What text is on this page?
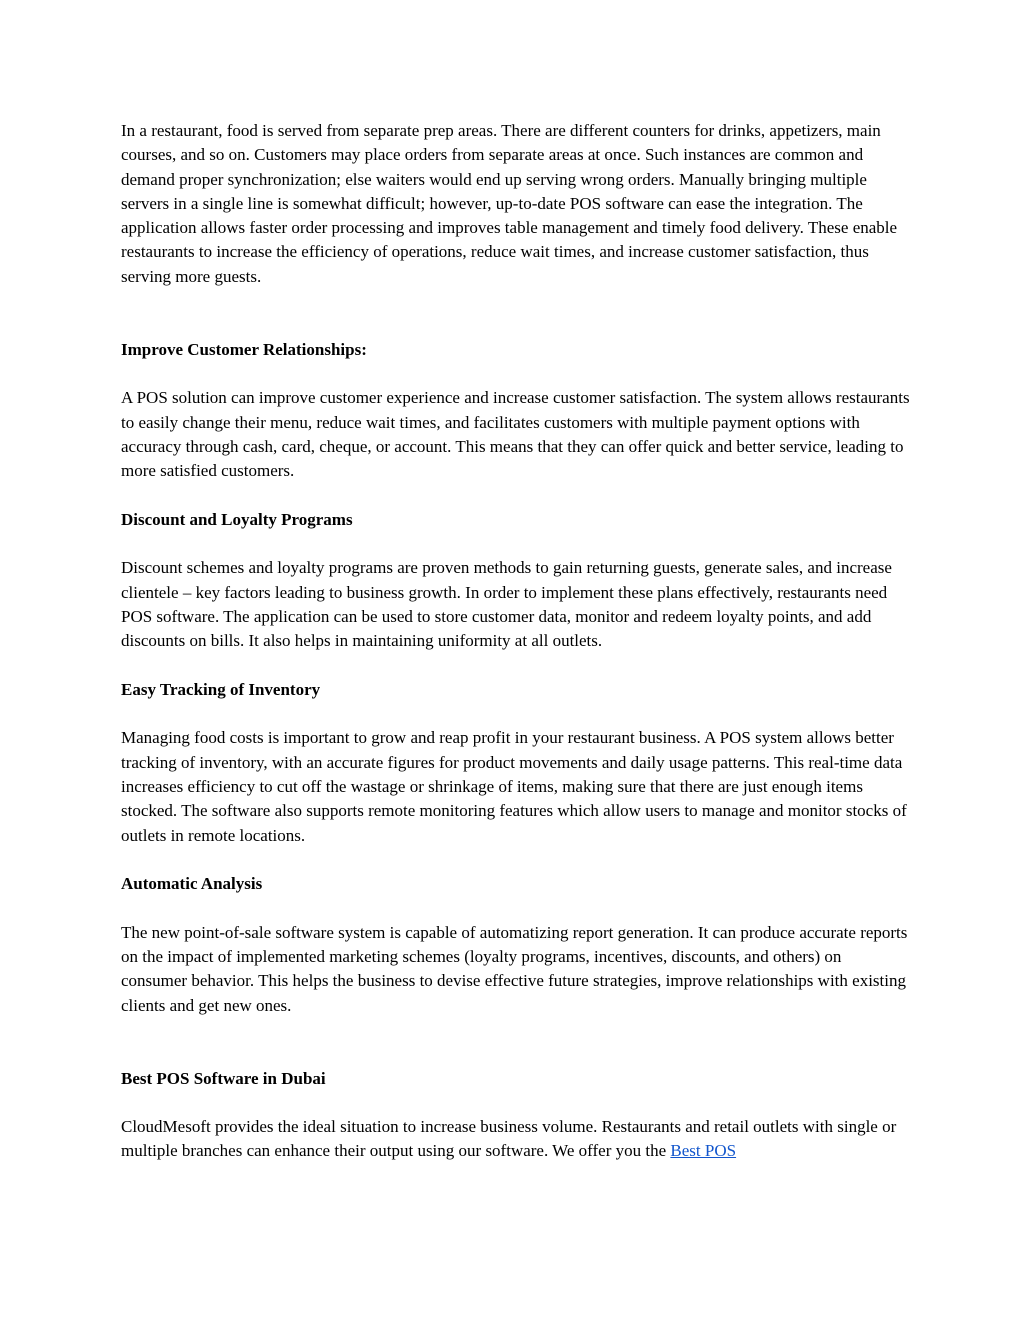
In a restaurant, food is served from separate prep areas. There are different counters for drinks, appetizers, main courses, and so on. Customers may place orders from separate areas at once. Such instances are common and demand proper synchronization; else waiters would end up serving wrong orders. Manually bringing multiple servers in a single line is somewhat difficult; however, up-to-date POS software can ease the integration. The application allows faster order processing and improves table management and timely food delivery. These enable restaurants to increase the efficiency of operations, reduce wait times, and increase customer satisfaction, thus serving more guests.

Improve Customer Relationships:

A POS solution can improve customer experience and increase customer satisfaction. The system allows restaurants to easily change their menu, reduce wait times, and facilitates customers with multiple payment options with accuracy through cash, card, cheque, or account. This means that they can offer quick and better service, leading to more satisfied customers.

Discount and Loyalty Programs

Discount schemes and loyalty programs are proven methods to gain returning guests, generate sales, and increase clientele – key factors leading to business growth. In order to implement these plans effectively, restaurants need POS software. The application can be used to store customer data, monitor and redeem loyalty points, and add discounts on bills. It also helps in maintaining uniformity at all outlets.

Easy Tracking of Inventory

Managing food costs is important to grow and reap profit in your restaurant business. A POS system allows better tracking of inventory, with an accurate figures for product movements and daily usage patterns. This real-time data increases efficiency to cut off the wastage or shrinkage of items, making sure that there are just enough items stocked. The software also supports remote monitoring features which allow users to manage and monitor stocks of outlets in remote locations.

Automatic Analysis

The new point-of-sale software system is capable of automatizing report generation. It can produce accurate reports on the impact of implemented marketing schemes (loyalty programs, incentives, discounts, and others) on consumer behavior. This helps the business to devise effective future strategies, improve relationships with existing clients and get new ones.

Best POS Software in Dubai

CloudMesoft provides the ideal situation to increase business volume. Restaurants and retail outlets with single or multiple branches can enhance their output using our software. We offer you the Best POS
